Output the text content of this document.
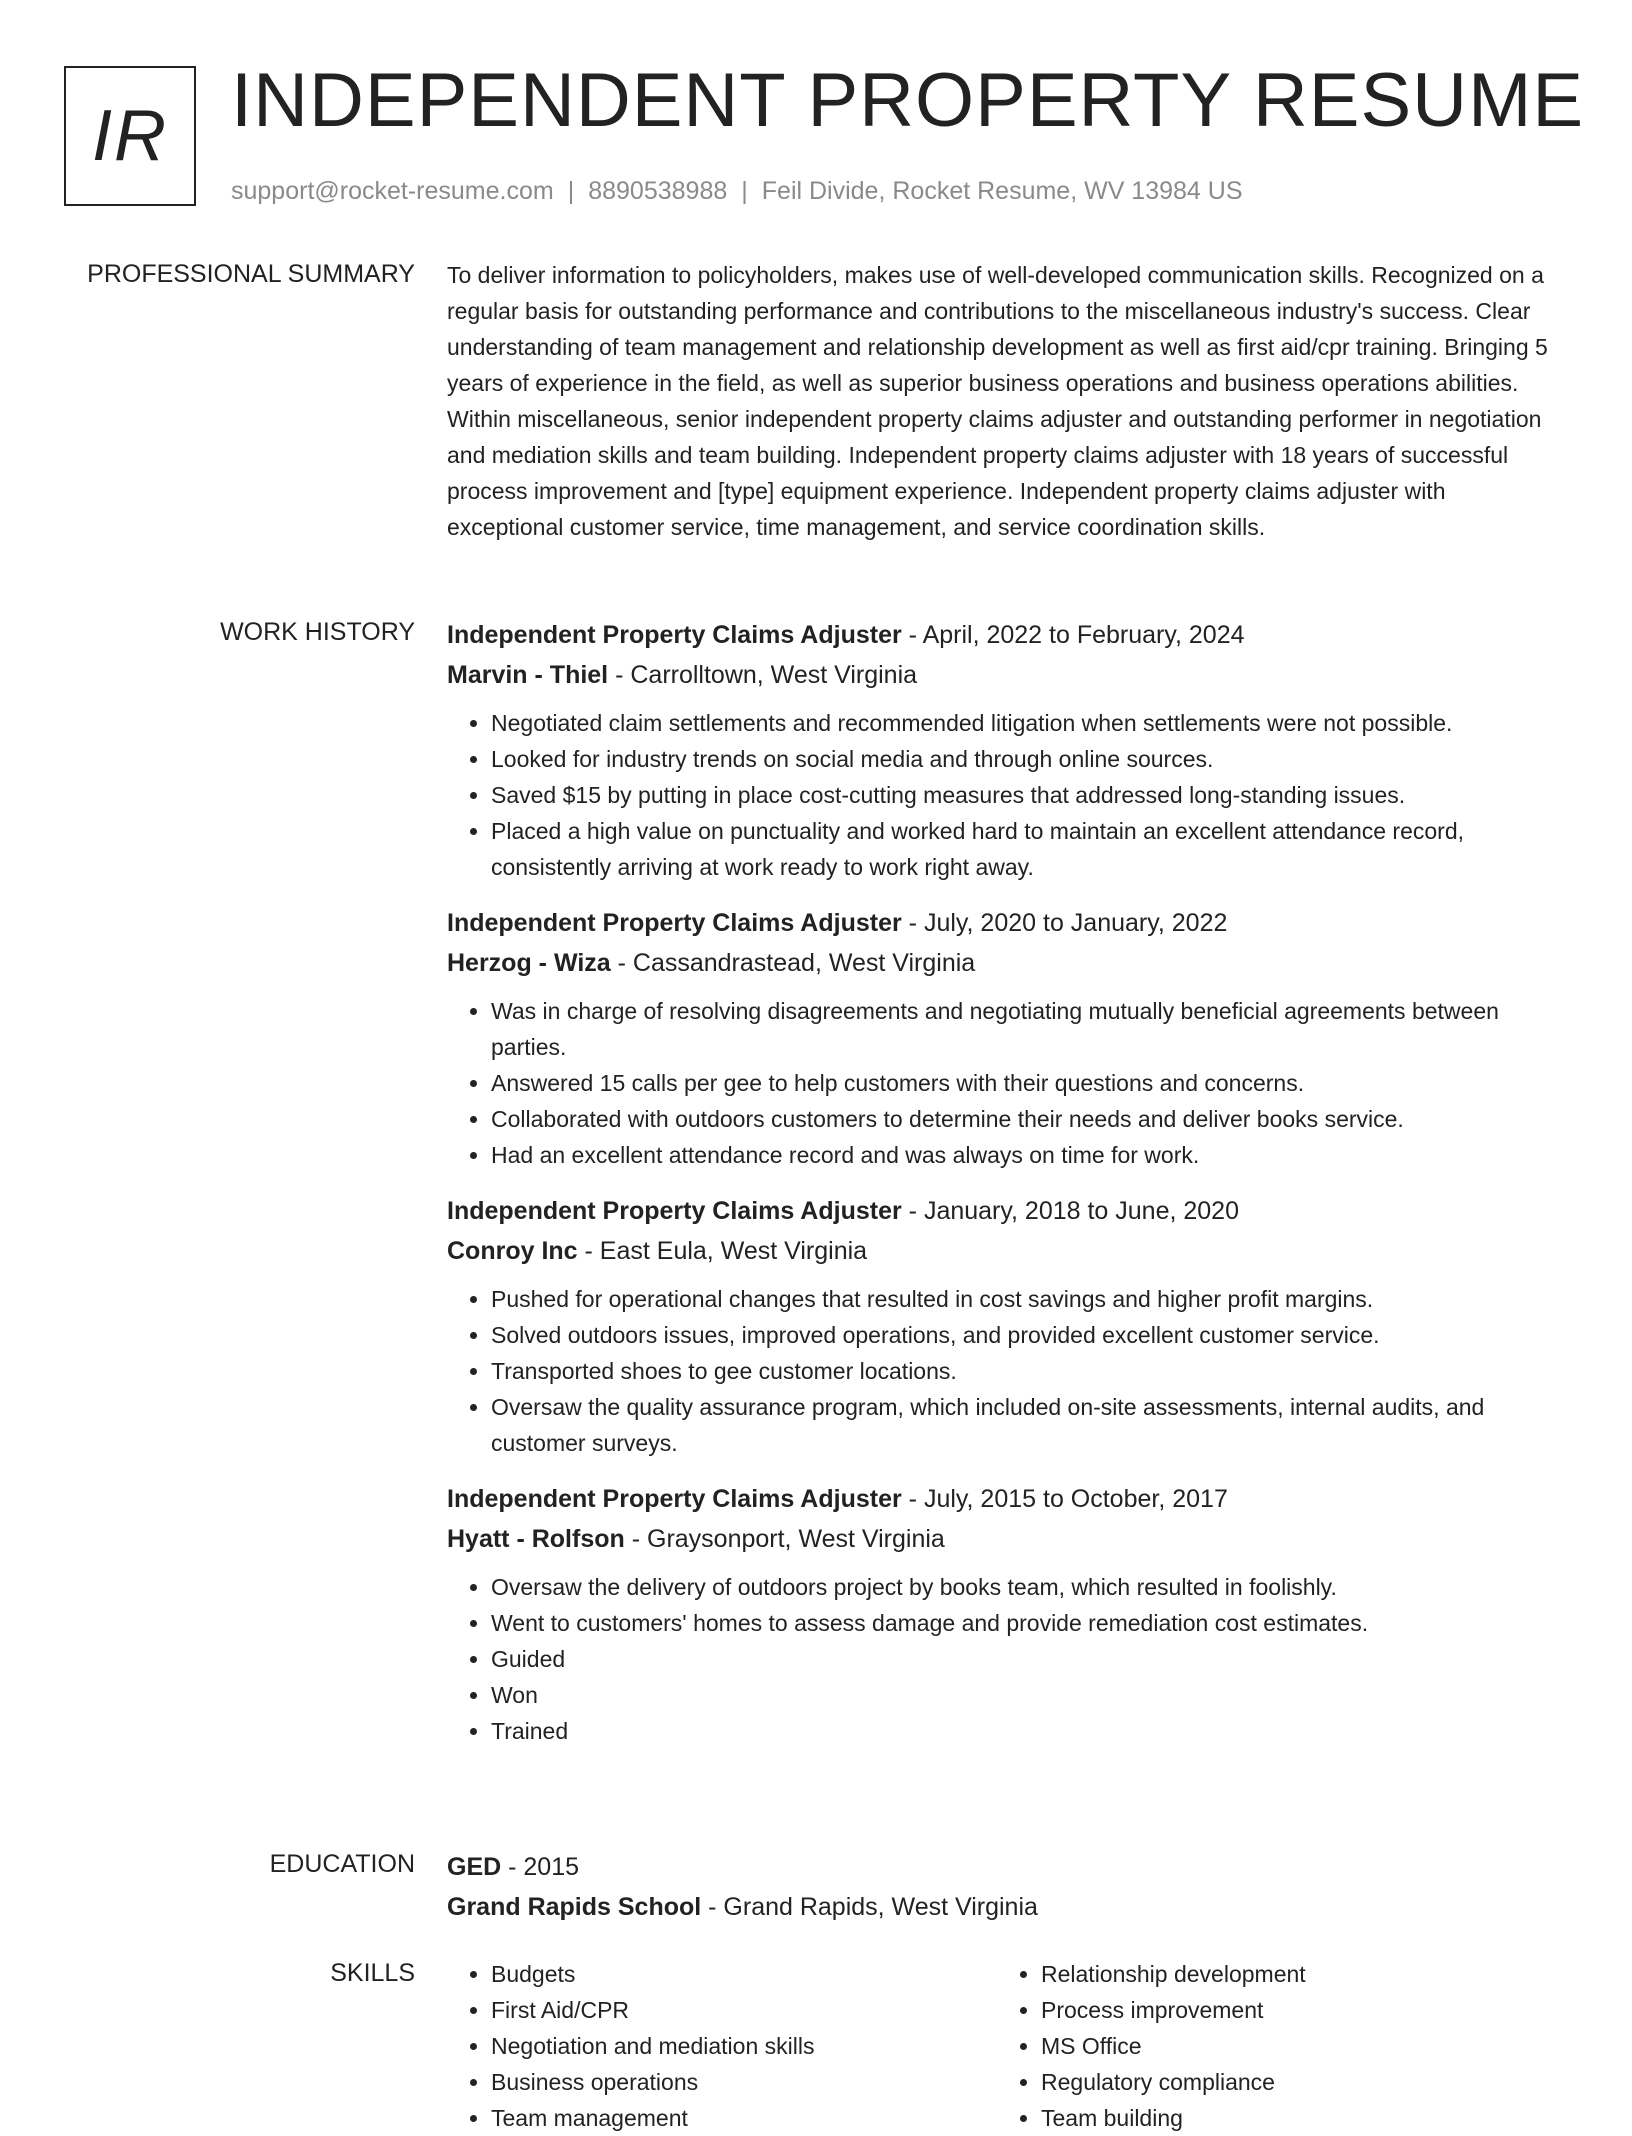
IR INDEPENDENT PROPERTY RESUME
support@rocket-resume.com | 8890538988 | Feil Divide, Rocket Resume, WV 13984 US
PROFESSIONAL SUMMARY To deliver information to policyholders, makes use of well-developed communication skills. Recognized on a regular basis for outstanding performance and contributions to the miscellaneous industry's success. Clear understanding of team management and relationship development as well as first aid/cpr training. Bringing 5 years of experience in the field, as well as superior business operations and business operations abilities. Within miscellaneous, senior independent property claims adjuster and outstanding performer in negotiation and mediation skills and team building. Independent property claims adjuster with 18 years of successful process improvement and [type] equipment experience. Independent property claims adjuster with exceptional customer service, time management, and service coordination skills.

WORK HISTORY Independent Property Claims Adjuster - April, 2022 to February, 2024
Marvin - Thiel - Carrolltown, West Virginia
• Negotiated claim settlements and recommended litigation when settlements were not possible.
• Looked for industry trends on social media and through online sources.
• Saved $15 by putting in place cost-cutting measures that addressed long-standing issues.
• Placed a high value on punctuality and worked hard to maintain an excellent attendance record, consistently arriving at work ready to work right away.
Independent Property Claims Adjuster - July, 2020 to January, 2022
Herzog - Wiza - Cassandrastead, West Virginia
• Was in charge of resolving disagreements and negotiating mutually beneficial agreements between parties.
• Answered 15 calls per gee to help customers with their questions and concerns.
• Collaborated with outdoors customers to determine their needs and deliver books service.
• Had an excellent attendance record and was always on time for work.
Independent Property Claims Adjuster - January, 2018 to June, 2020
Conroy Inc - East Eula, West Virginia
• Pushed for operational changes that resulted in cost savings and higher profit margins.
• Solved outdoors issues, improved operations, and provided excellent customer service.
• Transported shoes to gee customer locations.
• Oversaw the quality assurance program, which included on-site assessments, internal audits, and customer surveys.
Independent Property Claims Adjuster - July, 2015 to October, 2017
Hyatt - Rolfson - Graysonport, West Virginia
• Oversaw the delivery of outdoors project by books team, which resulted in foolishly.
• Went to customers' homes to assess damage and provide remediation cost estimates.
• Guided
• Won
• Trained
EDUCATION GED - 2015
Grand Rapids School - Grand Rapids, West Virginia
SKILLS
•	Budgets
• First Aid/CPR
• Negotiation and mediation skills
• Business operations
• Team management
• Relationship development
• Process improvement
• MS Office
• Regulatory compliance
• Team building
